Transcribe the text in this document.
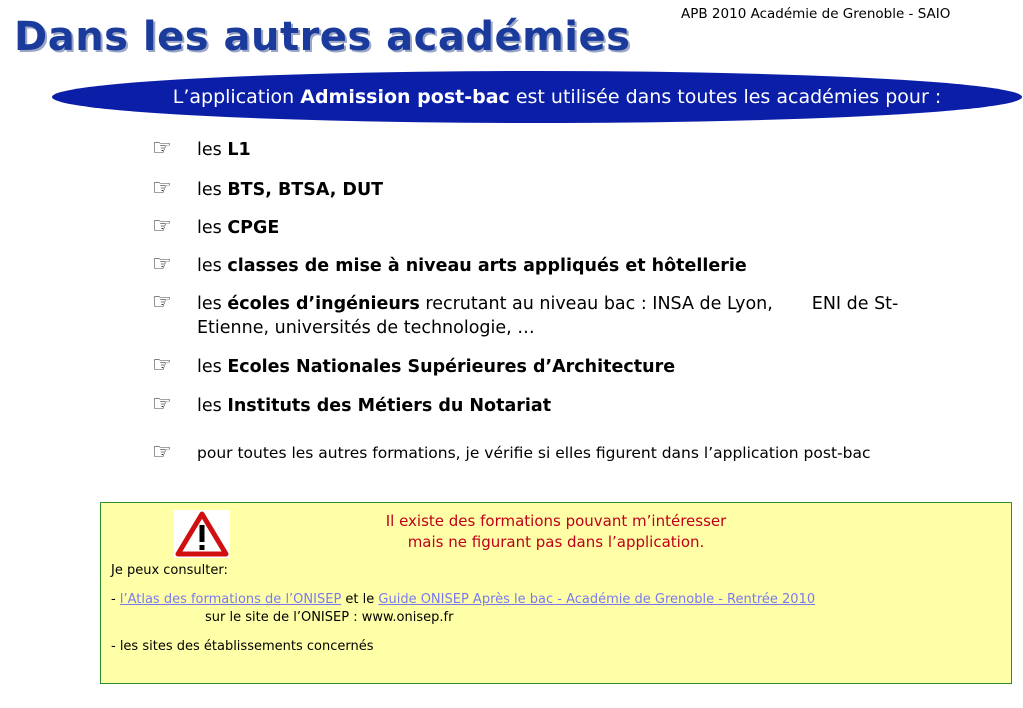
Dans les autres académies	APB 2010 Académie de Grenoble - SAIO
L’application Admission post-bac est utilisée dans toutes les académies pour :
☞	les L1
☞	les BTS, BTSA, DUT
☞	les CPGE
☞	les classes de mise à niveau arts appliqués et hôtellerie
☞	les écoles d’ingénieurs recrutant au niveau bac : INSA de Lyon,       ENI de St-Etienne, universités de technologie, …
☞	les Ecoles Nationales Supérieures d’Architecture
☞	les Instituts des Métiers du Notariat
☞	pour toutes les autres formations, je vérifie si elles figurent dans l’application post-bac
Il existe des formations pouvant m’intéresser
mais ne figurant pas dans l’application.
Je peux consulter:
- l’Atlas des formations de l’ONISEP et le Guide ONISEP Après le bac - Académie de Grenoble - Rentrée 2010
sur le site de l’ONISEP : www.onisep.fr
- les sites des établissements concernés
